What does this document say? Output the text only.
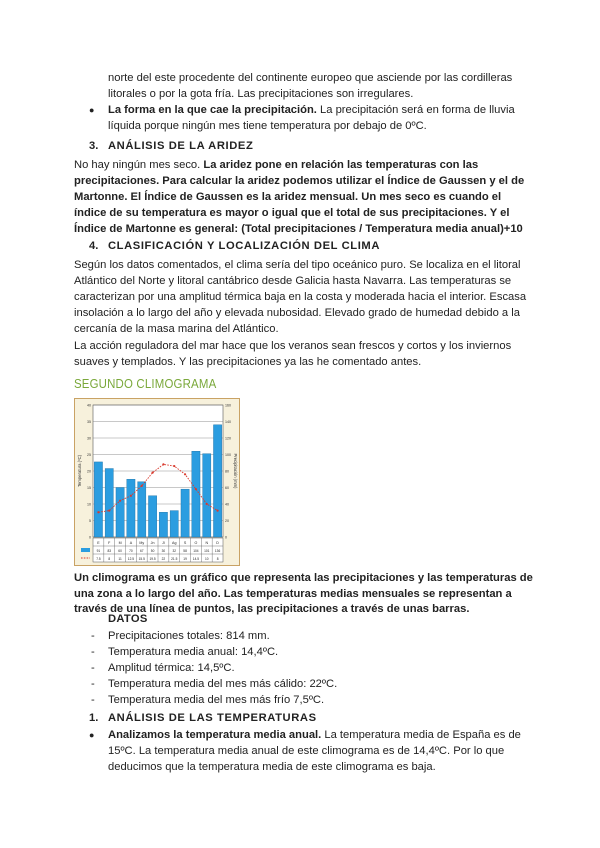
norte del este procedente del continente europeo que asciende por las cordilleras

litorales o por la gota fría. Las precipitaciones son irregulares.

● La forma en la que cae la precipitación. La precipitación será en forma de lluvia

líquida porque ningún mes tiene temperatura por debajo de 0ºC.

3. ANÁLISIS DE LA ARIDEZ

No hay ningún mes seco. La aridez pone en relación las temperaturas con las

precipitaciones. Para calcular la aridez podemos utilizar el Índice de Gaussen y el de

Martonne. El Índice de Gaussen es la aridez mensual. Un mes seco es cuando el

índice de su temperatura es mayor o igual que el total de sus precipitaciones. Y el

Índice de Martonne es general: (Total precipitaciones / Temperatura media anual)+10

4. CLASIFICACIÓN Y LOCALIZACIÓN DEL CLIMA

Según los datos comentados, el clima sería del tipo oceánico puro. Se localiza en el litoral

Atlántico del Norte y litoral cantábrico desde Galicia hasta Navarra. Las temperaturas se

caracterizan por una amplitud térmica baja en la costa y moderada hacia el interior. Escasa

insolación a lo largo del año y elevada nubosidad. Elevado grado de humedad debido a la

cercanía de la masa marina del Atlántico.

La acción reguladora del mar hace que los veranos sean frescos y cortos y los inviernos

suaves y templados. Y las precipitaciones ya las he comentado antes.

SEGUNDO CLIMOGRAMA
40
35
30
25
20
15
10
5
0
160
140
120
100
80
60
40
20
0
Temperatura (ºC)	Precipitación (mm)
E F M A My Jn Jl Ag S O N D
91 83 60 70 67 50 30 32 58 104 101 136
7.5 8	11 12.5 15.5 19.5 22 21.5 19 14.5 10	8

Un climograma es un gráfico que representa las precipitaciones y las temperaturas de

una zona a lo largo del año. Las temperaturas medias mensuales se representan a

través de una línea de puntos, las precipitaciones a través de unas barras.

DATOS
- Precipitaciones totales: 814 mm.
- Temperatura media anual: 14,4ºC.
- Amplitud térmica: 14,5ºC.
- Temperatura media del mes más cálido: 22ºC.
- Temperatura media del mes más frío 7,5ºC.
1. ANÁLISIS DE LAS TEMPERATURAS
● Analizamos la temperatura media anual. La temperatura media de España es de

15ºC. La temperatura media anual de este climograma es de 14,4ºC. Por lo que

deducimos que la temperatura media de este climograma es baja.
